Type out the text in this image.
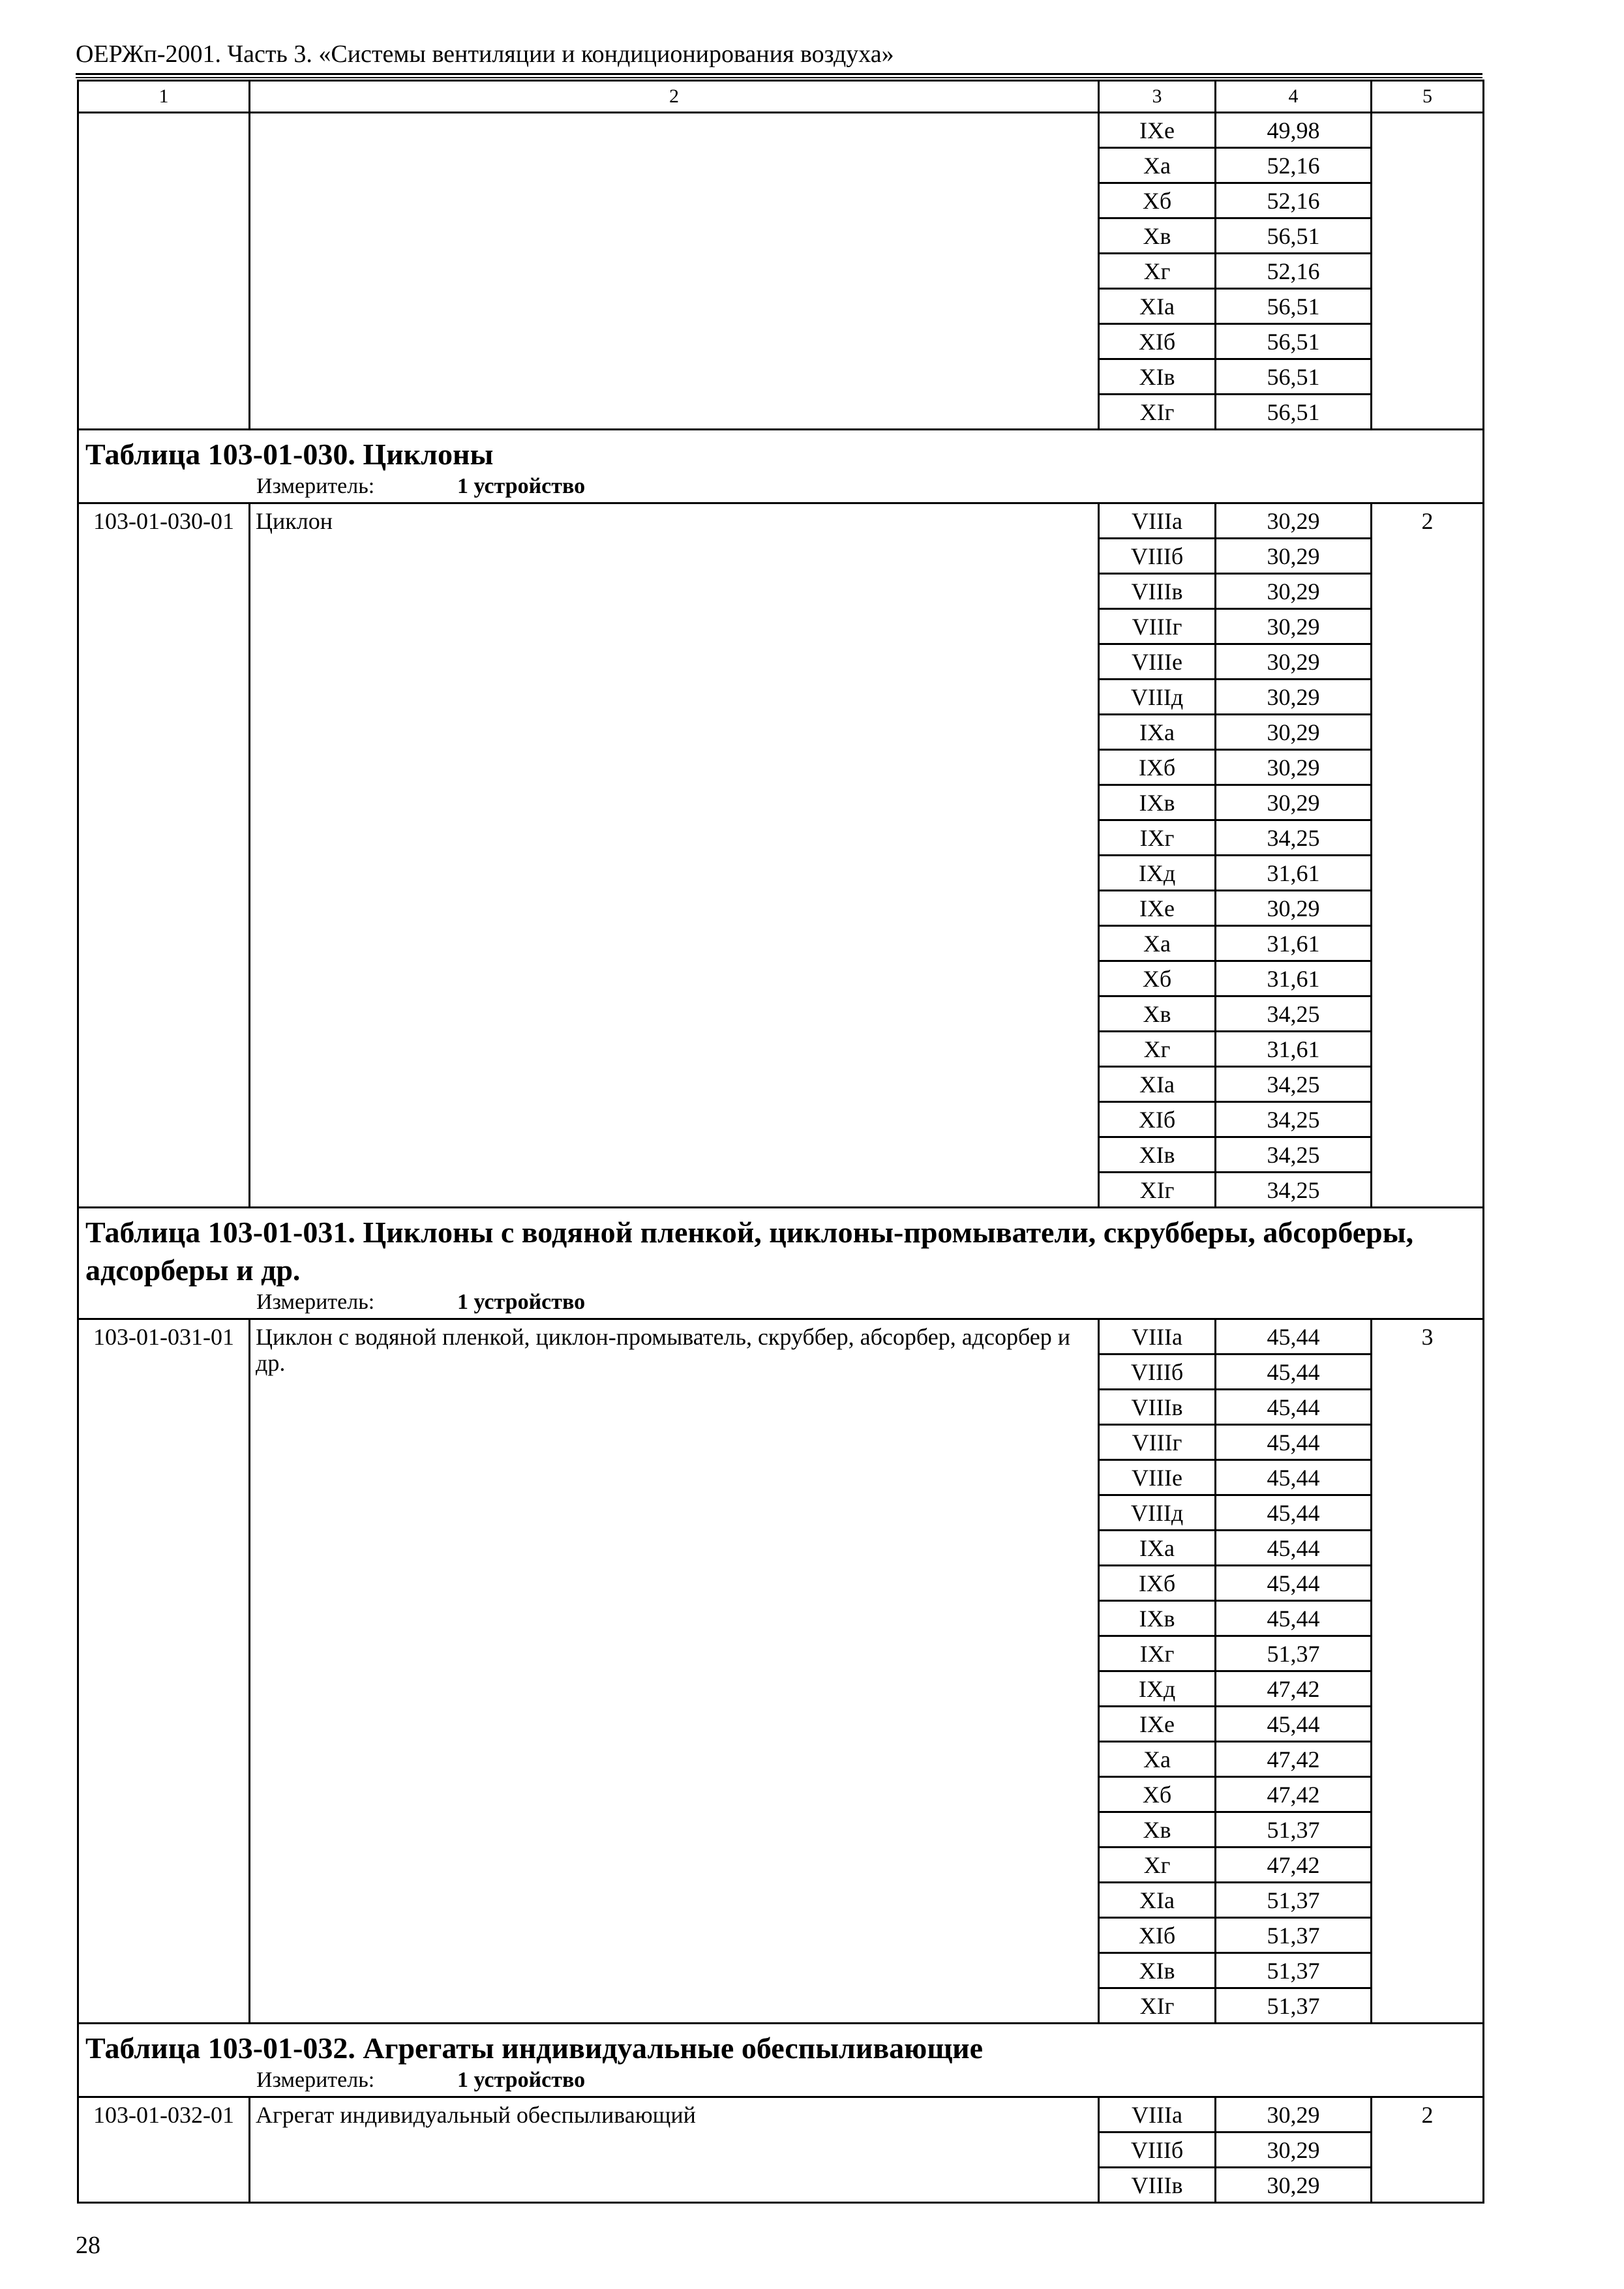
ОЕРЖп-2001. Часть 3. «Системы вентиляции и кондиционирования воздуха»
1	2	3	4	5
		IXе	49,98	
		Xа	52,16	
		Xб	52,16	
		Xв	56,51	
		Xг	52,16	
		XIа	56,51	
		XIб	56,51	
		XIв	56,51	
		XIг	56,51	

Таблица 103-01-030. Циклоны
Измеритель: 1 устройство				

103-01-030-01	Циклон	VIIIа	30,29	2
		VIIIб	30,29	
		VIIIв	30,29	
		VIIIг	30,29	
		VIIIе	30,29	
		VIIIд	30,29	
		IXа	30,29	
		IXб	30,29	
		IXв	30,29	
		IXг	34,25	
		IXд	31,61	
		IXе	30,29	
		Xа	31,61	
		Xб	31,61	
		Xв	34,25	
		Xг	31,61	
		XIа	34,25	
		XIб	34,25	
		XIв	34,25	
		XIг	34,25	

Таблица 103-01-031. Циклоны с водяной пленкой, циклоны-промыватели, скрубберы, абсорберы, адсорберы и др.
Измеритель: 1 устройство				

103-01-031-01	Циклон с водяной пленкой, циклон-промыватель, скруббер, абсорбер, адсорбер и др.	VIIIа	45,44	3
		VIIIб	45,44	
		VIIIв	45,44	
		VIIIг	45,44	
		VIIIе	45,44	
		VIIIд	45,44	
		IXа	45,44	
		IXб	45,44	
		IXв	45,44	
		IXг	51,37	
		IXд	47,42	
		IXе	45,44	
		Xа	47,42	
		Xб	47,42	
		Xв	51,37	
		Xг	47,42	
		XIа	51,37	
		XIб	51,37	
		XIв	51,37	
		XIг	51,37	

Таблица 103-01-032. Агрегаты индивидуальные обеспыливающие
Измеритель: 1 устройство				

103-01-032-01	Агрегат индивидуальный обеспыливающий	VIIIа	30,29	2
		VIIIб	30,29	
		VIIIв	30,29	
28
